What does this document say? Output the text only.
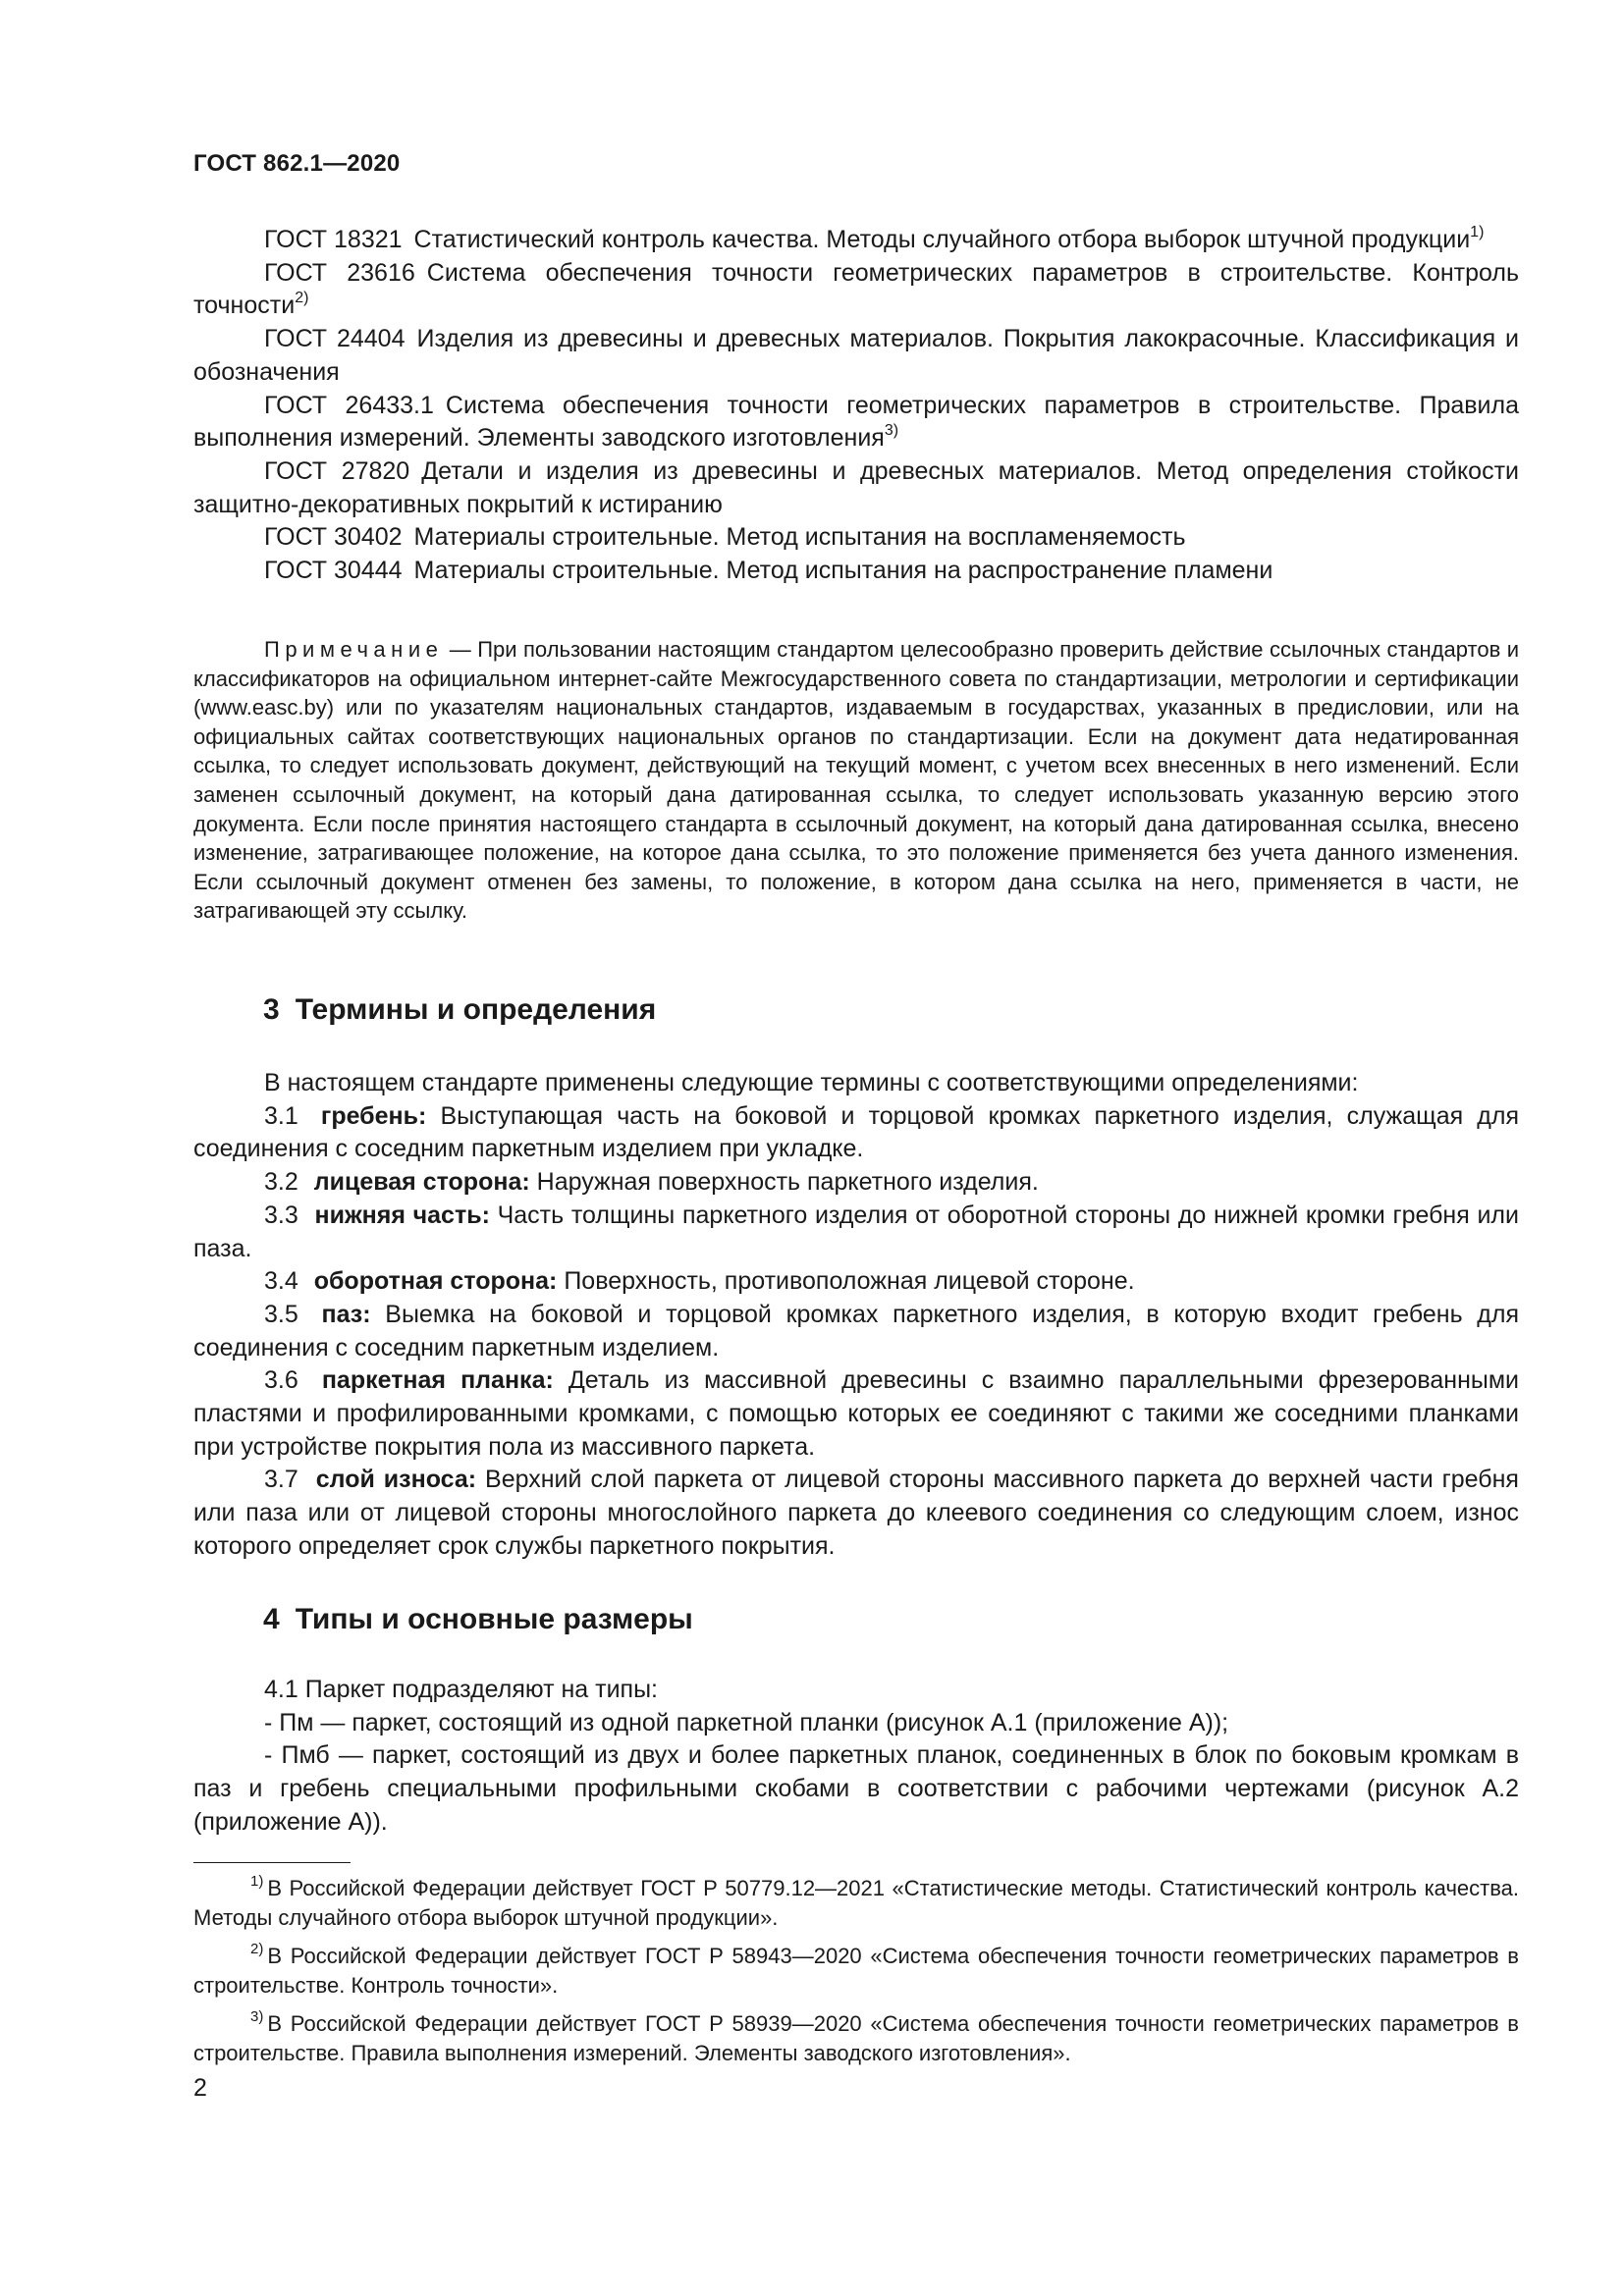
ГОСТ 862.1—2020

ГОСТ 18321 Статистический контроль качества. Методы случайного отбора выборок штучной продукции$^{1)}$

ГОСТ 23616 Система обеспечения точности геометрических параметров в строительстве. Контроль точности$^{2)}$

ГОСТ 24404 Изделия из древесины и древесных материалов. Покрытия лакокрасочные. Классификация и обозначения

ГОСТ 26433.1 Система обеспечения точности геометрических параметров в строительстве. Правила выполнения измерений. Элементы заводского изготовления$^{3)}$

ГОСТ 27820 Детали и изделия из древесины и древесных материалов. Метод определения стойкости защитно-декоративных покрытий к истиранию

ГОСТ 30402 Материалы строительные. Метод испытания на воспламеняемость

ГОСТ 30444 Материалы строительные. Метод испытания на распространение пламени

Примечание — При пользовании настоящим стандартом целесообразно проверить действие ссылочных стандартов и классификаторов на официальном интернет-сайте Межгосударственного совета по стандартизации, метрологии и сертификации (www.easc.by) или по указателям национальных стандартов, издаваемым в государствах, указанных в предисловии, или на официальных сайтах соответствующих национальных органов по стандартизации. Если на документ дата недатированная ссылка, то следует использовать документ, действующий на текущий момент, с учетом всех внесенных в него изменений. Если заменен ссылочный документ, на который дана датированная ссылка, то следует использовать указанную версию этого документа. Если после принятия настоящего стандарта в ссылочный документ, на который дана датированная ссылка, внесено изменение, затрагивающее положение, на которое дана ссылка, то это положение применяется без учета данного изменения. Если ссылочный документ отменен без замены, то положение, в котором дана ссылка на него, применяется в части, не затрагивающей эту ссылку.
3 Термины и определения

В настоящем стандарте применены следующие термины с соответствующими определениями:

3.1 гребень: Выступающая часть на боковой и торцовой кромках паркетного изделия, служащая для соединения с соседним паркетным изделием при укладке.

3.2 лицевая сторона: Наружная поверхность паркетного изделия.

3.3 нижняя часть: Часть толщины паркетного изделия от оборотной стороны до нижней кромки гребня или паза.

3.4 оборотная сторона: Поверхность, противоположная лицевой стороне.

3.5 паз: Выемка на боковой и торцовой кромках паркетного изделия, в которую входит гребень для соединения с соседним паркетным изделием.

3.6 паркетная планка: Деталь из массивной древесины с взаимно параллельными фрезерованными пластями и профилированными кромками, с помощью которых ее соединяют с такими же соседними планками при устройстве покрытия пола из массивного паркета.

3.7 слой износа: Верхний слой паркета от лицевой стороны массивного паркета до верхней части гребня или паза или от лицевой стороны многослойного паркета до клеевого соединения со следующим слоем, износ которого определяет срок службы паркетного покрытия.

4 Типы и основные размеры

4.1 Паркет подразделяют на типы:

- Пм — паркет, состоящий из одной паркетной планки (рисунок А.1 (приложение А));

- Пмб — паркет, состоящий из двух и более паркетных планок, соединенных в блок по боковым кромкам в паз и гребень специальными профильными скобами в соответствии с рабочими чертежами (рисунок А.2 (приложение А)).

$^{1)}$ В Российской Федерации действует ГОСТ Р 50779.12—2021 «Статистические методы. Статистический контроль качества. Методы случайного отбора выборок штучной продукции».

$^{2)}$ В Российской Федерации действует ГОСТ Р 58943—2020 «Система обеспечения точности геометрических параметров в строительстве. Контроль точности».

$^{3)}$ В Российской Федерации действует ГОСТ Р 58939—2020 «Система обеспечения точности геометрических параметров в строительстве. Правила выполнения измерений. Элементы заводского изготовления».

2
